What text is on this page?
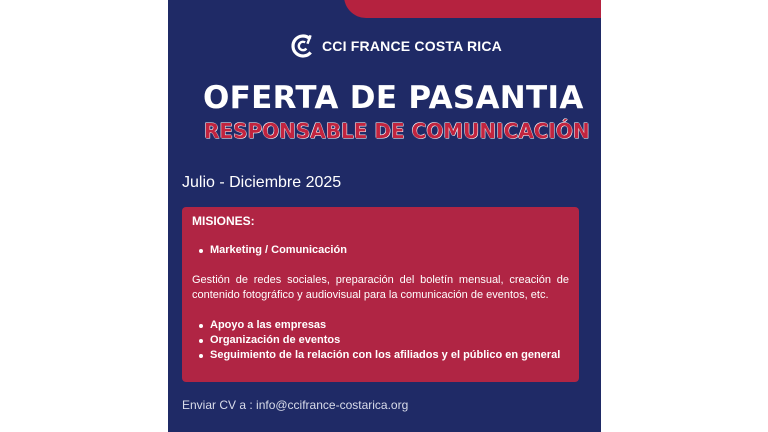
CCI FRANCE COSTA RICA
OFERTA DE PASANTIA
RESPONSABLE DE COMUNICACIÓN
Julio - Diciembre 2025

MISIONES:

Marketing / Comunicación

Gestión de redes sociales, preparación del boletín mensual, creación de contenido fotográfico y audiovisual para la comunicación de eventos, etc.

Apoyo a las empresas
Organización de eventos
Seguimiento de la relación con los afiliados y el público en general
Enviar CV a : info@ccifrance-costarica.org
